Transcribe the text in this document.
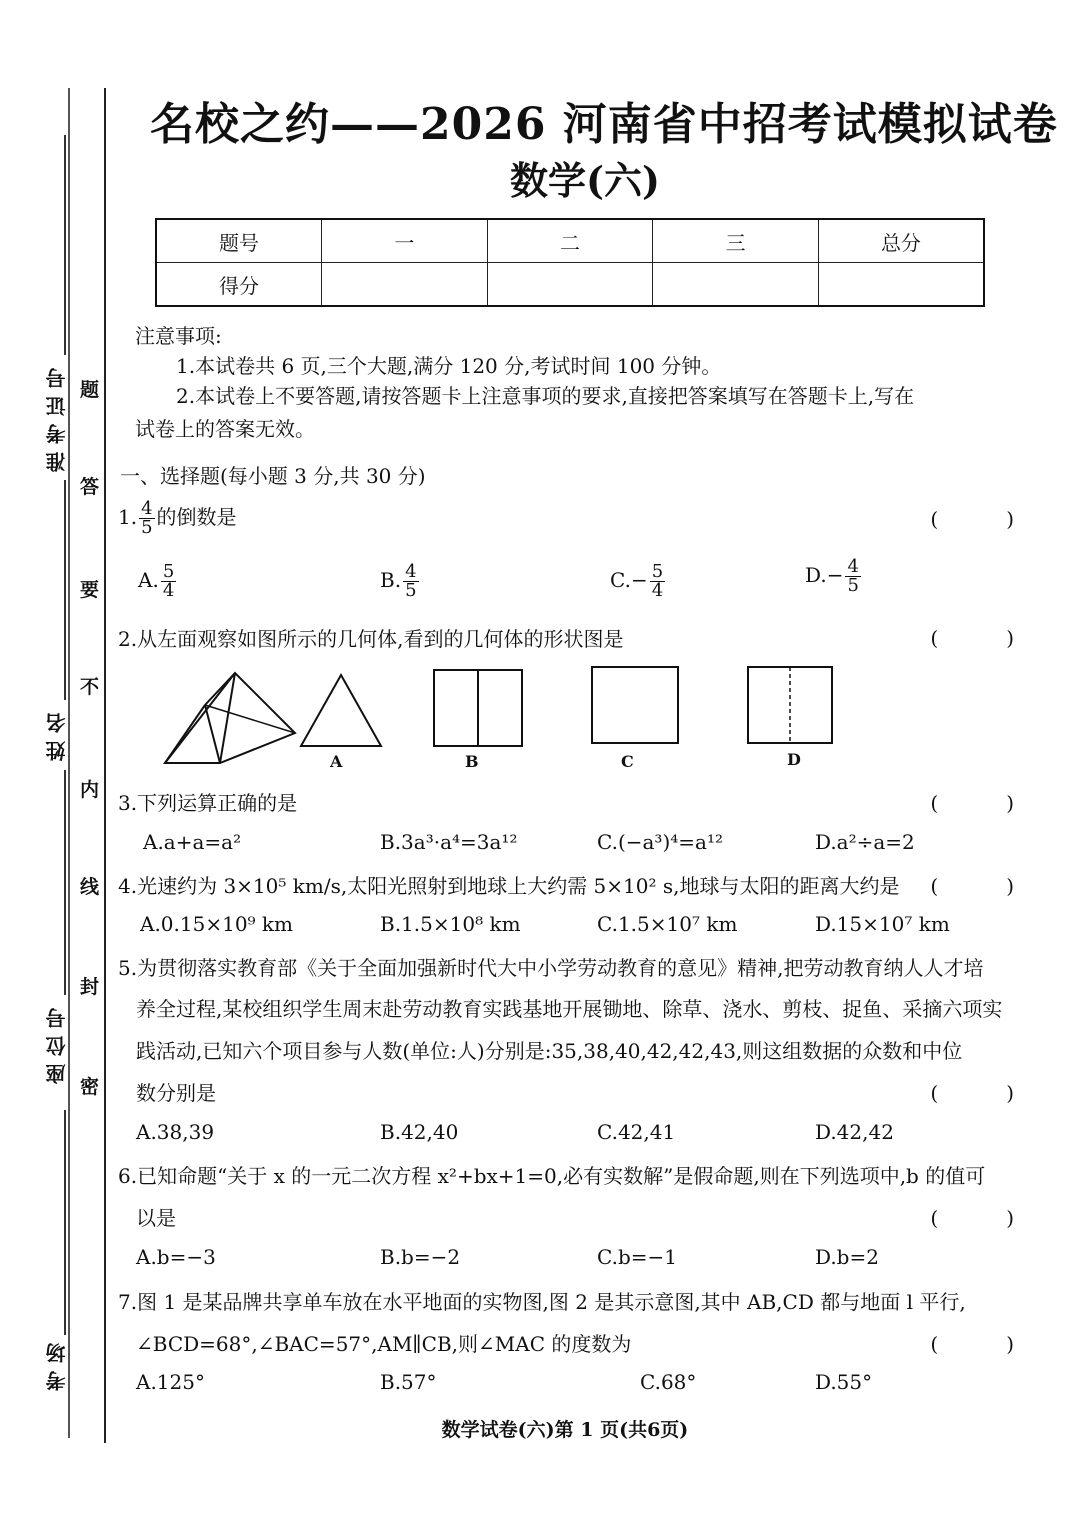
准考证号
姓名
座位号
考场
题
答
要
不
内
线
封
密
名校之约——2026 河南省中招考试模拟试卷
数学(六)
题号	一	二	三	总分
得分				
注意事项:
1.本试卷共 6 页,三个大题,满分 120 分,考试时间 100 分钟。
2.本试卷上不要答题,请按答题卡上注意事项的要求,直接把答案填写在答题卡上,写在
试卷上的答案无效。
一、选择题(每小题 3 分,共 30 分)
1. $\frac{4}{5}$ 的倒数是	(　)
A. $\frac{5}{4}$	B. $\frac{4}{5}$	$C.- \frac{5}{4}$	$D.- \frac{4}{5}$
2.从左面观察如图所示的几何体,看到的几何体的形状图是	(　)
A	B	C	D
3.下列运算正确的是	(　)
A.a+a=a²	B.3a³·a⁴=3a¹²	C.(−a³)⁴=a¹²	D.a²÷a=2
4.光速约为 3×10⁵ km/s,太阳光照射到地球上大约需 5×10² s,地球与太阳的距离大约是 (　)
A.0.15×10⁹ km	B.1.5×10⁸ km	C.1.5×10⁷ km	D.15×10⁷ km
5.为贯彻落实教育部《关于全面加强新时代大中小学劳动教育的意见》精神,把劳动教育纳人人才培
养全过程,某校组织学生周末赴劳动教育实践基地开展锄地、除草、浇水、剪枝、捉鱼、采摘六项实
践活动,已知六个项目参与人数(单位:人)分别是:35,38,40,42,42,43,则这组数据的众数和中位
数分别是	(　)
A.38,39	B.42,40	C.42,41	D.42,42
6.已知命题“关于 x 的一元二次方程 x²+bx+1=0,必有实数解”是假命题,则在下列选项中,b 的值可
以是	(　)
A.b=−3	B.b=−2	C.b=−1	D.b=2
7.图 1 是某品牌共享单车放在水平地面的实物图,图 2 是其示意图,其中 AB,CD 都与地面 l 平行,
∠BCD=68°,∠BAC=57°,AM∥CB,则∠MAC 的度数为	(　)
A.125°	B.57°	C.68°	D.55°
数学试卷(六)第 1 页(共6页)
